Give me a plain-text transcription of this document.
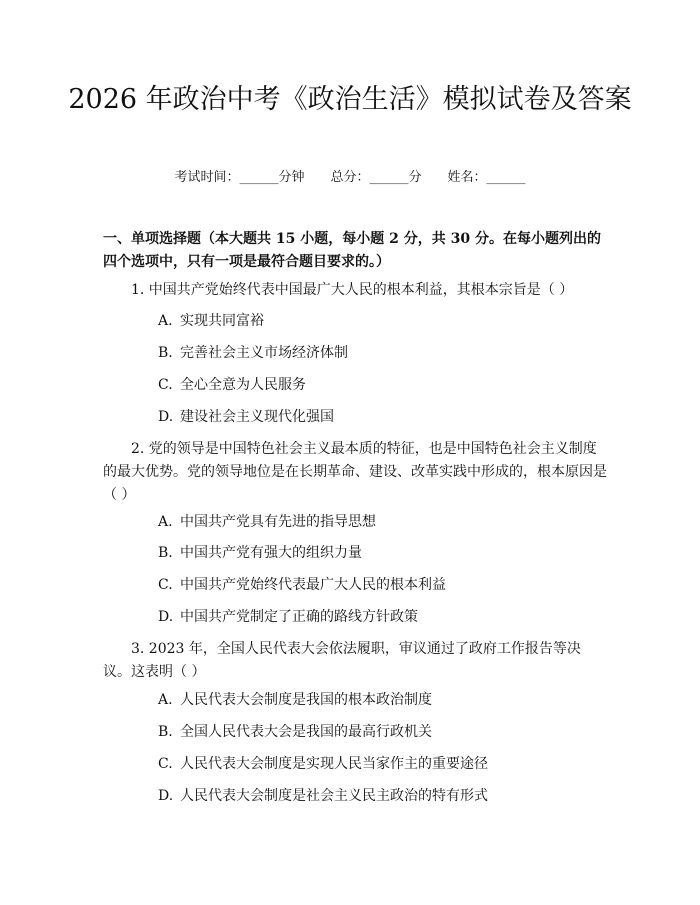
2026 年政治中考《政治生活》模拟试卷及答案
考试时间：______分钟 总分：______分 姓名：______

一、单项选择题（本大题共 15 小题，每小题 2 分，共 30 分。在每小题列出的四个选项中，只有一项是最符合题目要求的。）

1. 中国共产党始终代表中国最广大人民的根本利益，其根本宗旨是（ ）

A. 实现共同富裕

B. 完善社会主义市场经济体制

C. 全心全意为人民服务

D. 建设社会主义现代化强国

2. 党的领导是中国特色社会主义最本质的特征，也是中国特色社会主义制度的最大优势。党的领导地位是在长期革命、建设、改革实践中形成的，根本原因是（ ）

A. 中国共产党具有先进的指导思想

B. 中国共产党有强大的组织力量

C. 中国共产党始终代表最广大人民的根本利益

D. 中国共产党制定了正确的路线方针政策

3. 2023 年，全国人民代表大会依法履职，审议通过了政府工作报告等决议。这表明（ ）

A. 人民代表大会制度是我国的根本政治制度

B. 全国人民代表大会是我国的最高行政机关

C. 人民代表大会制度是实现人民当家作主的重要途径

D. 人民代表大会制度是社会主义民主政治的特有形式
